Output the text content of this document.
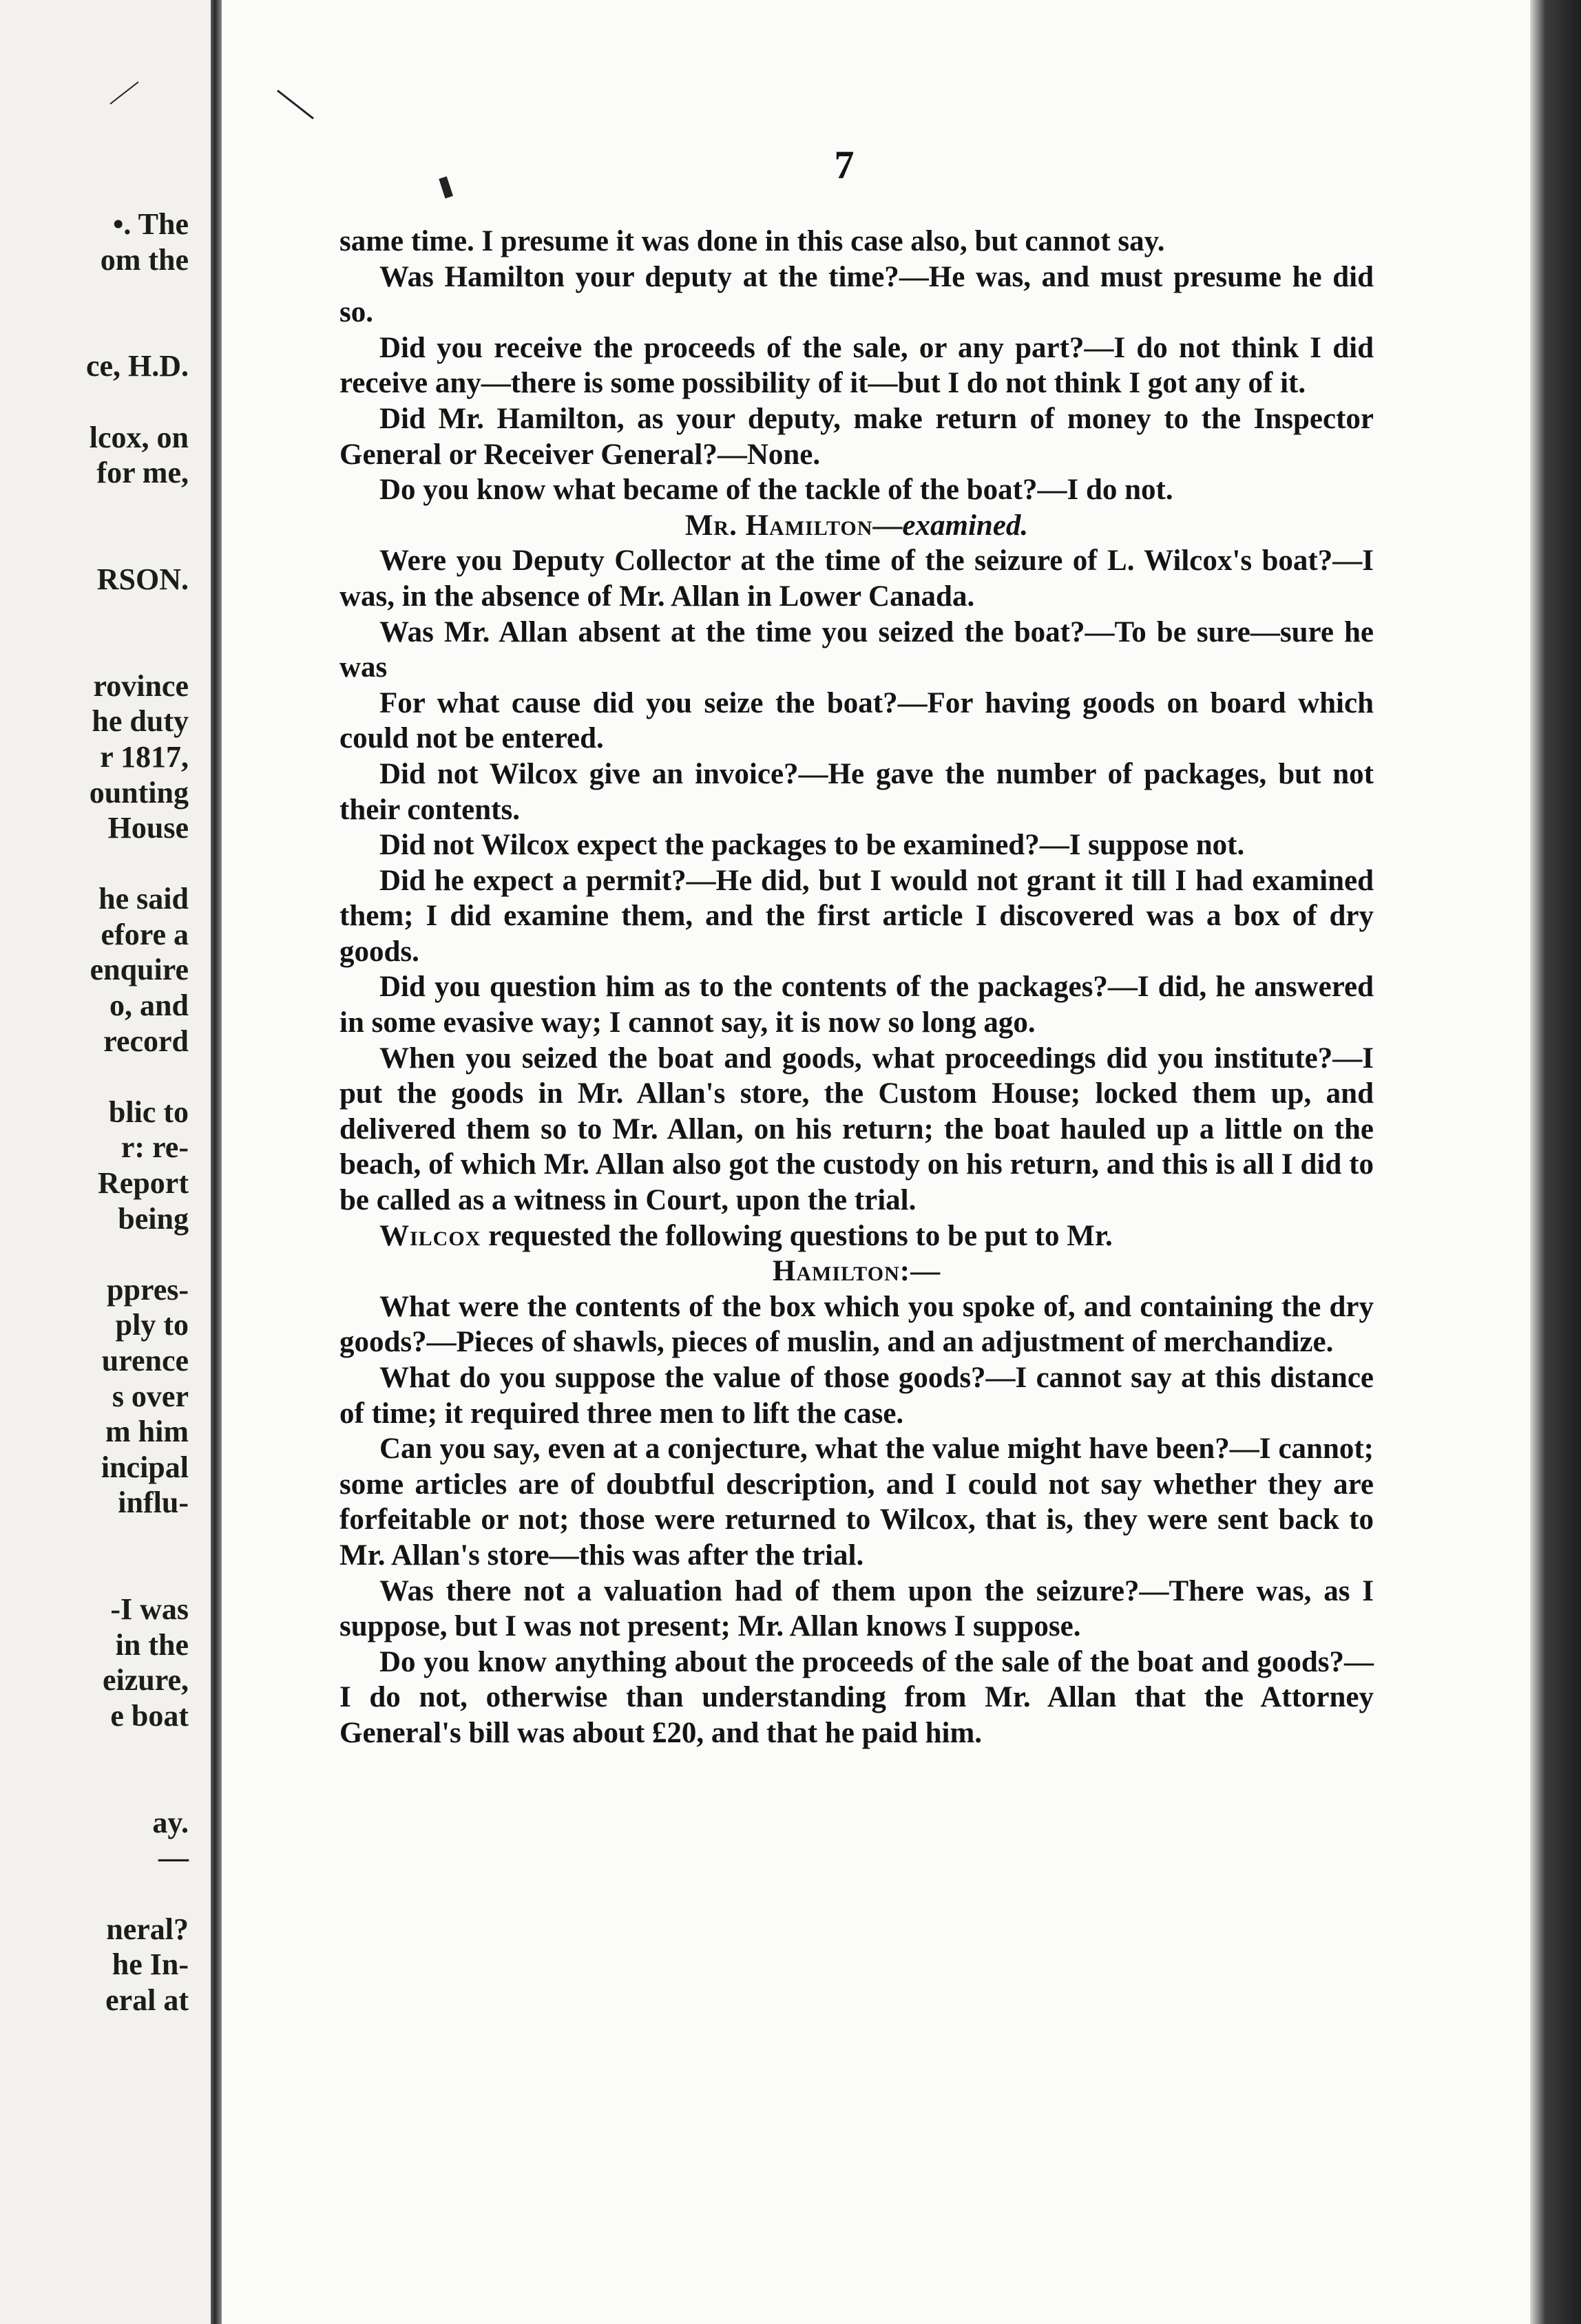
•. The
om the
ce, H.D.
lcox, on
for me,
RSON.
rovince
he duty
r 1817,
ounting
House
he said
efore a
enquire
o, and
record
blic to
r: re-
Report
being
ppres-
ply to
urence
s over
m him
incipal
influ-
-I was
in the
eizure,
e boat
ay.
—
neral?
he In-
eral at
7

same time. I presume it was done in this case also, but cannot say.

Was Hamilton your deputy at the time?—He was, and must presume he did so.

Did you receive the proceeds of the sale, or any part?—I do not think I did receive any—there is some possibility of it—but I do not think I got any of it.

Did Mr. Hamilton, as your deputy, make return of money to the Inspector General or Receiver General?—None.

Do you know what became of the tackle of the boat?—I do not.

Mr. Hamilton—examined.

Were you Deputy Collector at the time of the seizure of L. Wilcox's boat?—I was, in the absence of Mr. Allan in Lower Canada.

Was Mr. Allan absent at the time you seized the boat?—To be sure—sure he was

For what cause did you seize the boat?—For having goods on board which could not be entered.

Did not Wilcox give an invoice?—He gave the number of packages, but not their contents.

Did not Wilcox expect the packages to be examined?—I suppose not.

Did he expect a permit?—He did, but I would not grant it till I had examined them; I did examine them, and the first article I discovered was a box of dry goods.

Did you question him as to the contents of the packages?—I did, he answered in some evasive way; I cannot say, it is now so long ago.

When you seized the boat and goods, what proceedings did you institute?—I put the goods in Mr. Allan's store, the Custom House; locked them up, and delivered them so to Mr. Allan, on his return; the boat hauled up a little on the beach, of which Mr. Allan also got the custody on his return, and this is all I did to be called as a witness in Court, upon the trial.

Wilcox requested the following questions to be put to Mr.

Hamilton:—

What were the contents of the box which you spoke of, and containing the dry goods?—Pieces of shawls, pieces of muslin, and an adjustment of merchandize.

What do you suppose the value of those goods?—I cannot say at this distance of time; it required three men to lift the case.

Can you say, even at a conjecture, what the value might have been?—I cannot; some articles are of doubtful description, and I could not say whether they are forfeitable or not; those were returned to Wilcox, that is, they were sent back to Mr. Allan's store—this was after the trial.

Was there not a valuation had of them upon the seizure?—There was, as I suppose, but I was not present; Mr. Allan knows I suppose.

Do you know anything about the proceeds of the sale of the boat and goods?—I do not, otherwise than understanding from Mr. Allan that the Attorney General's bill was about £20, and that he paid him.
